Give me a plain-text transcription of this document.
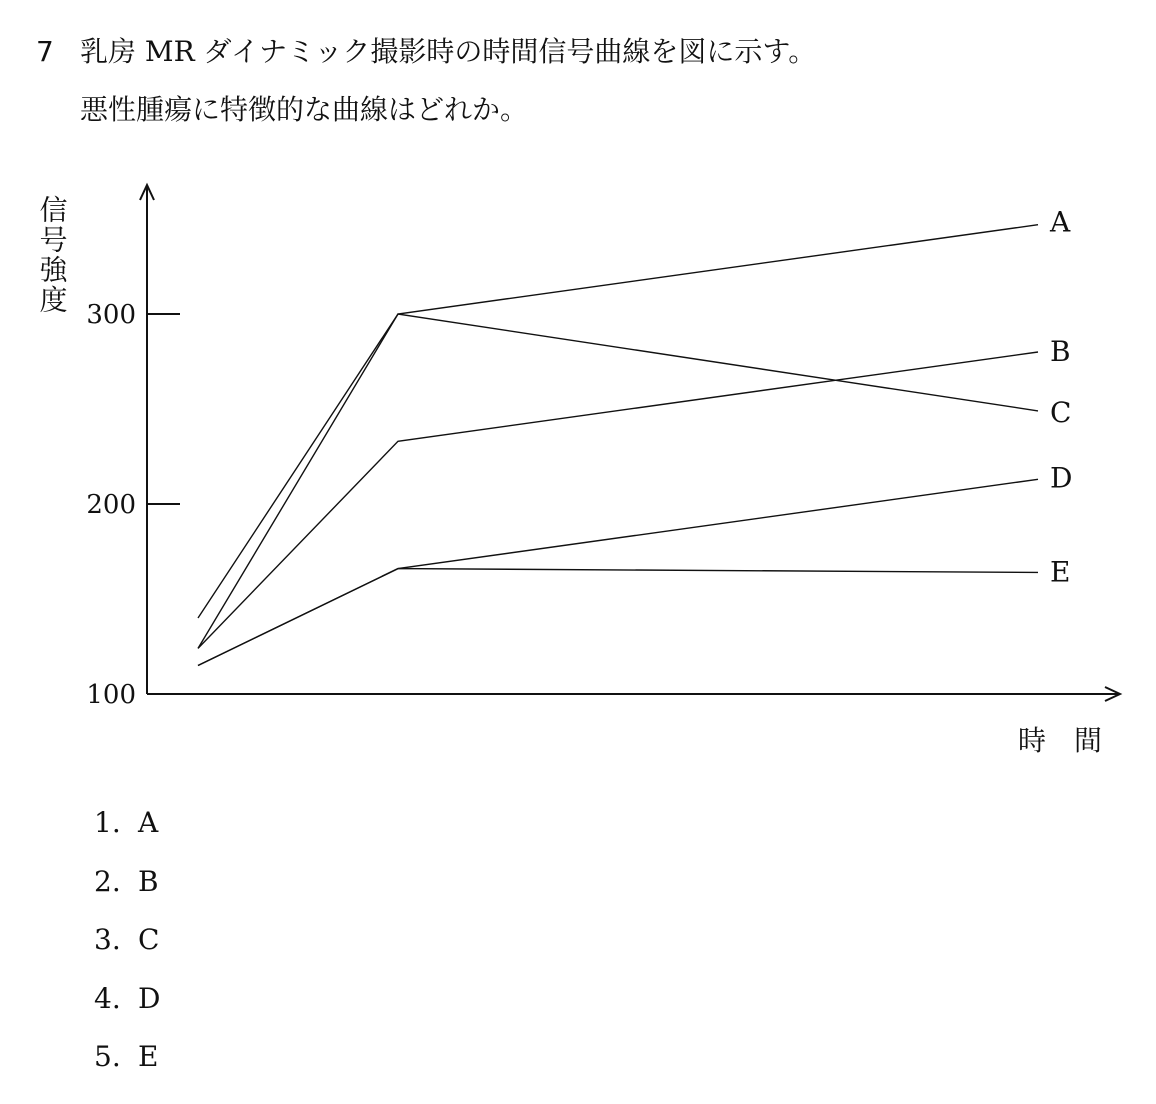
7 乳房 MR ダイナミック撮影時の時間信号曲線を図に示す。
悪性腫瘍に特徴的な曲線はどれか。
100
200
300
信号強度
時　間
A
B
C
D
E
1. A
2. B
3. C
4. D
5. E
